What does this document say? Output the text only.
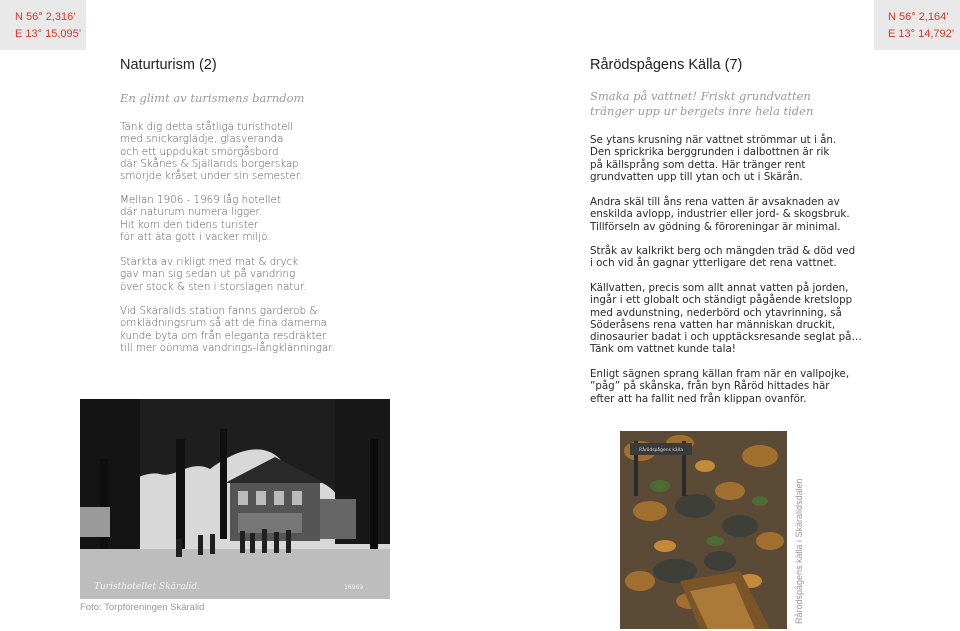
N 56° 2,316’
E 13° 15,095’
N 56° 2,164’
E 13° 14,792’
Naturturism (2)
En glimt av turismens barndom
Tänk dig detta ståtliga turisthotell
med snickarglädje, glasveranda
och ett uppdukat smörgåsbord
där Skånes & Själlands borgerskap
smörjde kråset under sin semester.
Mellan 1906 - 1969 låg hotellet
där naturum numera ligger.
Hit kom den tidens turister
för att äta gott i vacker miljö.
Stärkta av rikligt med mat & dryck
gav man sig sedan ut på vandring
över stock & sten i storslagen natur.
Vid Skäralids station fanns garderob &
omklädningsrum så att de fina damerna
kunde byta om från eleganta resdräkter
till mer oömma vandrings-långklänningar.
Turisthotellet Skäralid.	16969
Foto: Torpföreningen Skäralid
Rårödspågens Källa (7)
Smaka på vattnet! Friskt grundvatten
tränger upp ur bergets inre hela tiden
Se ytans krusning när vattnet strömmar ut i ån.
Den sprickrika berggrunden i dalbottnen är rik
på källsprång som detta. Här tränger rent
grundvatten upp till ytan och ut i Skärån.
Andra skäl till åns rena vatten är avsaknaden av
enskilda avlopp, industrier eller jord- & skogsbruk.
Tillförseln av gödning & föroreningar är minimal.
Stråk av kalkrikt berg och mängden träd & död ved
i och vid ån gagnar ytterligare det rena vattnet.
Källvatten, precis som allt annat vatten på jorden,
ingår i ett globalt och ständigt pågående kretslopp
med avdunstning, nederbörd och ytavrinning, så
Söderåsens rena vatten har människan druckit,
dinosaurier badat i och upptäcksresande seglat på…
Tänk om vattnet kunde tala!
Enligt sägnen sprang källan fram när en vallpojke,
”påg” på skånska, från byn Råröd hittades här
efter att ha fallit ned från klippan ovanför.
Rårödspågens källa
Rårödspågens källa i Skäralidsdalen
